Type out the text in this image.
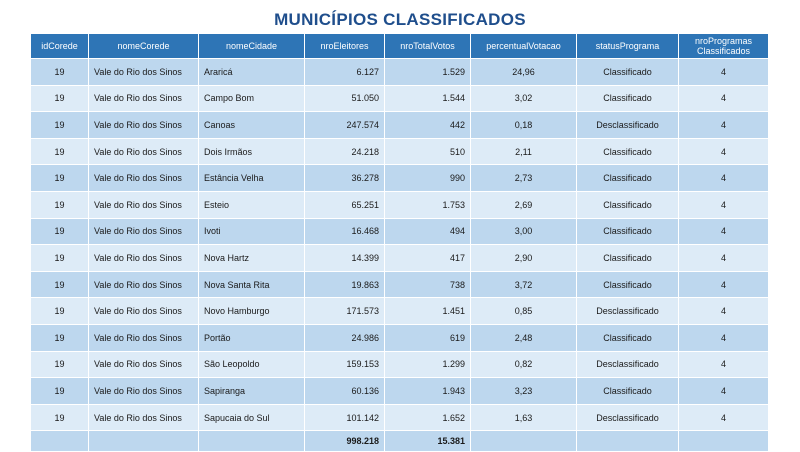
MUNICÍPIOS CLASSIFICADOS
idCorede	nomeCorede	nomeCidade	nroEleitores	nroTotalVotos	percentualVotacao	statusPrograma	nroProgramas Classificados
19	Vale do Rio dos Sinos	Araricá	6.127	1.529	24,96	Classificado	4
19	Vale do Rio dos Sinos	Campo Bom	51.050	1.544	3,02	Classificado	4
19	Vale do Rio dos Sinos	Canoas	247.574	442	0,18	Desclassificado	4
19	Vale do Rio dos Sinos	Dois Irmãos	24.218	510	2,11	Classificado	4
19	Vale do Rio dos Sinos	Estância Velha	36.278	990	2,73	Classificado	4
19	Vale do Rio dos Sinos	Esteio	65.251	1.753	2,69	Classificado	4
19	Vale do Rio dos Sinos	Ivoti	16.468	494	3,00	Classificado	4
19	Vale do Rio dos Sinos	Nova Hartz	14.399	417	2,90	Classificado	4
19	Vale do Rio dos Sinos	Nova Santa Rita	19.863	738	3,72	Classificado	4
19	Vale do Rio dos Sinos	Novo Hamburgo	171.573	1.451	0,85	Desclassificado	4
19	Vale do Rio dos Sinos	Portão	24.986	619	2,48	Classificado	4
19	Vale do Rio dos Sinos	São Leopoldo	159.153	1.299	0,82	Desclassificado	4
19	Vale do Rio dos Sinos	Sapiranga	60.136	1.943	3,23	Classificado	4
19	Vale do Rio dos Sinos	Sapucaia do Sul	101.142	1.652	1,63	Desclassificado	4
			998.218	15.381			
